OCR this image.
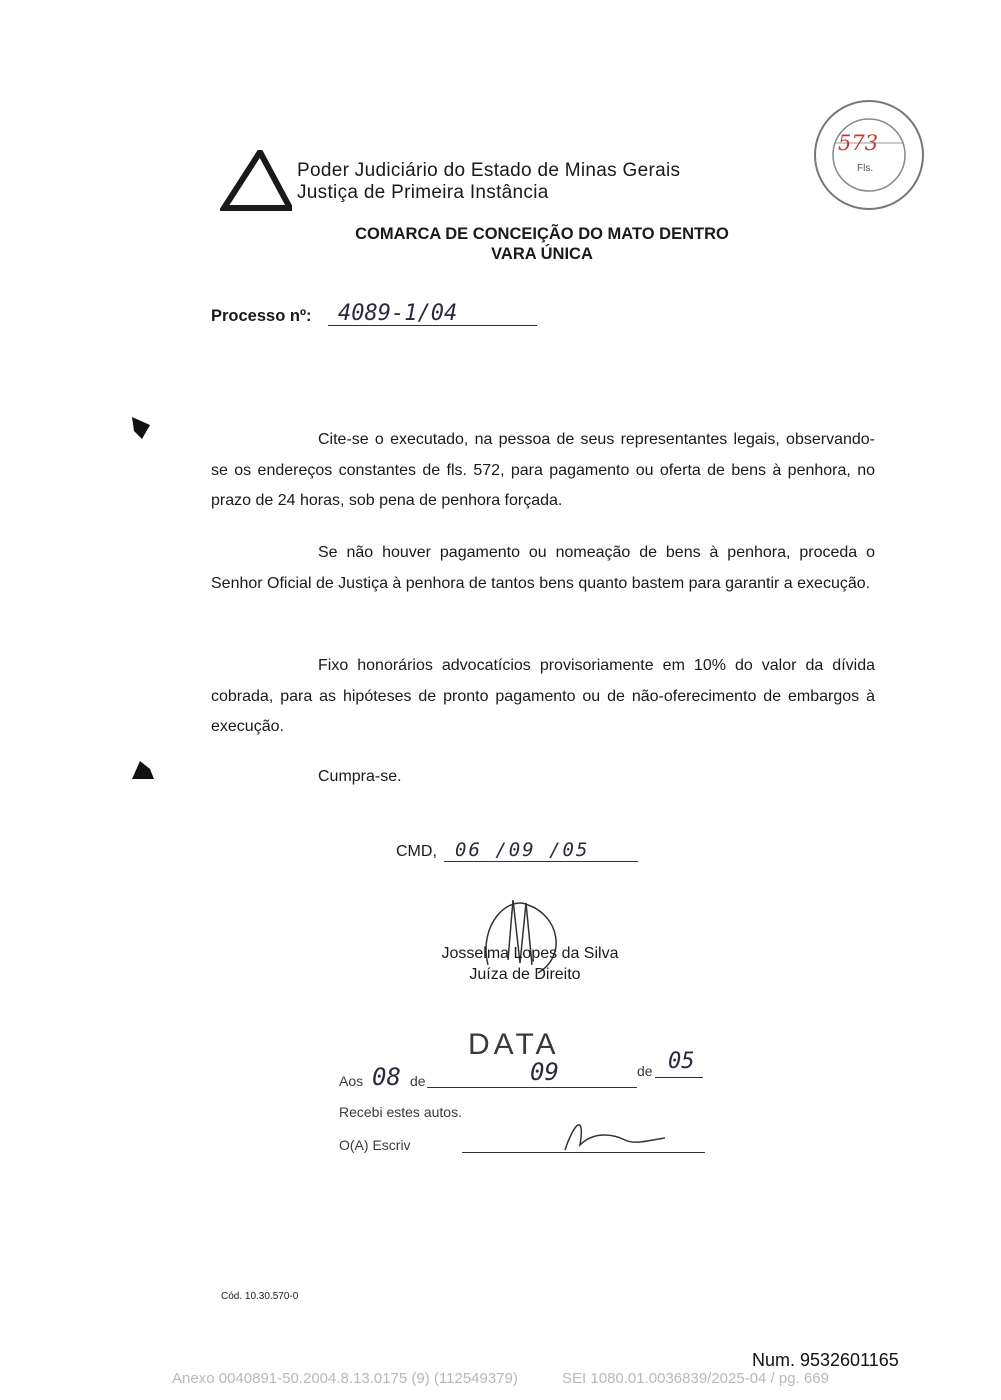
Poder Judiciário do Estado de Minas Gerais
Justiça de Primeira Instância
573
Fls.
COMARCA DE CONCEIÇÃO DO MATO DENTRO
VARA ÚNICA
Processo nº: 4089-1/04
Cite-se o executado, na pessoa de seus representantes legais, observando-se os endereços constantes de fls. 572, para pagamento ou oferta de bens à penhora, no prazo de 24 horas, sob pena de penhora forçada.
Se não houver pagamento ou nomeação de bens à penhora, proceda o Senhor Oficial de Justiça à penhora de tantos bens quanto bastem para garantir a execução.
Fixo honorários advocatícios provisoriamente em 10% do valor da dívida cobrada, para as hipóteses de pronto pagamento ou de não-oferecimento de embargos à execução.
Cumpra-se.
CMD, 06 /09 /05
Josselma Lopes da Silva
Juíza de Direito
DATA
Aos 08 de	09	de 05
Recebi estes autos.
O(A) Escriv
Cód. 10.30.570-0
Num. 9532601165
Anexo 0040891-50.2004.8.13.0175 (9) (112549379)	SEI 1080.01.0036839/2025-04 / pg. 669
